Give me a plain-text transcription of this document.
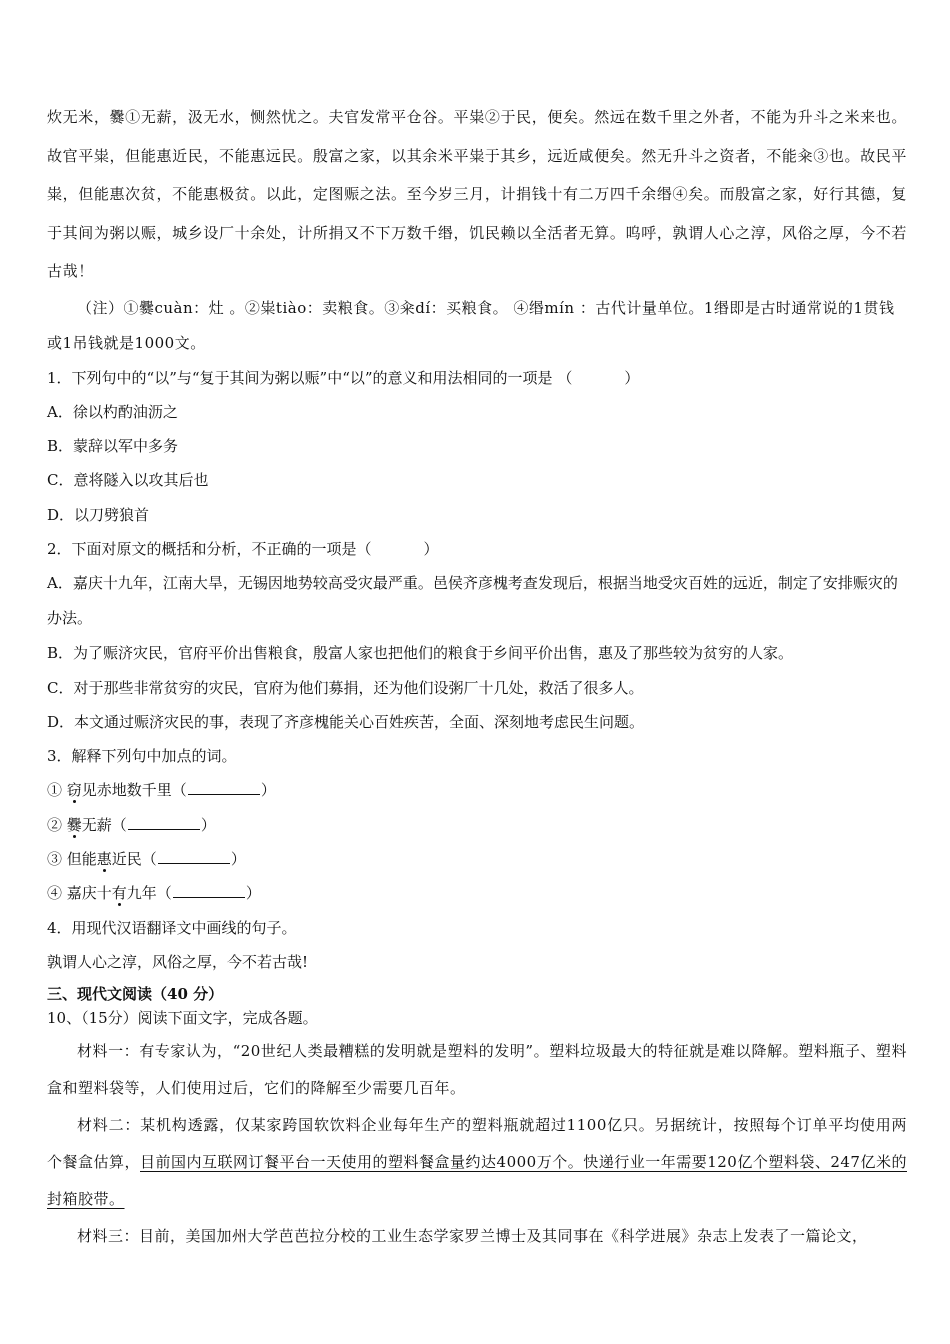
炊无米，爨①无薪，汲无水，恻然忧之。夫官发常平仓谷。平粜②于民，便矣。然远在数千里之外者，不能为升斗之米来也。故官平粜，但能惠近民，不能惠远民。殷富之家，以其余米平粜于其乡，远近咸便矣。然无升斗之资者，不能籴③也。故民平粜，但能惠次贫，不能惠极贫。以此，定图赈之法。至今岁三月，计捐钱十有二万四千余缗④矣。而殷富之家，好行其德，复于其间为粥以赈，城乡设厂十余处，计所捐又不下万数千缗，饥民赖以全活者无算。呜呼，孰谓人心之淳，风俗之厚，今不若古哉！

（注）①爨cuàn：灶 。②粜tiào：卖粮食。③籴dí：买粮食。 ④缗mín ：古代计量单位。1缗即是古时通常说的1贯钱或1吊钱就是1000文。

1．下列句中的“以”与“复于其间为粥以赈”中“以”的意义和用法相同的一项是 （	）

A．徐以杓酌油沥之

B．蒙辞以军中多务

C．意将隧入以攻其后也

D．以刀劈狼首

2．下面对原文的概括和分析，不正确的一项是（	）

A．嘉庆十九年，江南大旱，无锡因地势较高受灾最严重。邑侯齐彦槐考查发现后，根据当地受灾百姓的远近，制定了安排赈灾的办法。

B．为了赈济灾民，官府平价出售粮食，殷富人家也把他们的粮食于乡间平价出售，惠及了那些较为贫穷的人家。

C．对于那些非常贫穷的灾民，官府为他们募捐，还为他们设粥厂十几处，救活了很多人。

D．本文通过赈济灾民的事，表现了齐彦槐能关心百姓疾苦，全面、深刻地考虑民生问题。

3．解释下列句中加点的词。

① 窃见赤地数千里（	）

② 爨无薪（	）

③ 但能惠近民（	）

④ 嘉庆十有九年（	）

4．用现代汉语翻译文中画线的句子。

孰谓人心之淳，风俗之厚，今不若古哉!

三、现代文阅读（40 分）

10、（15分）阅读下面文字，完成各题。

材料一：有专家认为，“20世纪人类最糟糕的发明就是塑料的发明”。塑料垃圾最大的特征就是难以降解。塑料瓶子、塑料盒和塑料袋等，人们使用过后，它们的降解至少需要几百年。

材料二：某机构透露，仅某家跨国软饮料企业每年生产的塑料瓶就超过1100亿只。另据统计，按照每个订单平均使用两个餐盒估算，目前国内互联网订餐平台一天使用的塑料餐盒量约达4000万个。快递行业一年需要120亿个塑料袋、247亿米的封箱胶带。

材料三：目前，美国加州大学芭芭拉分校的工业生态学家罗兰博士及其同事在《科学进展》杂志上发表了一篇论文，
